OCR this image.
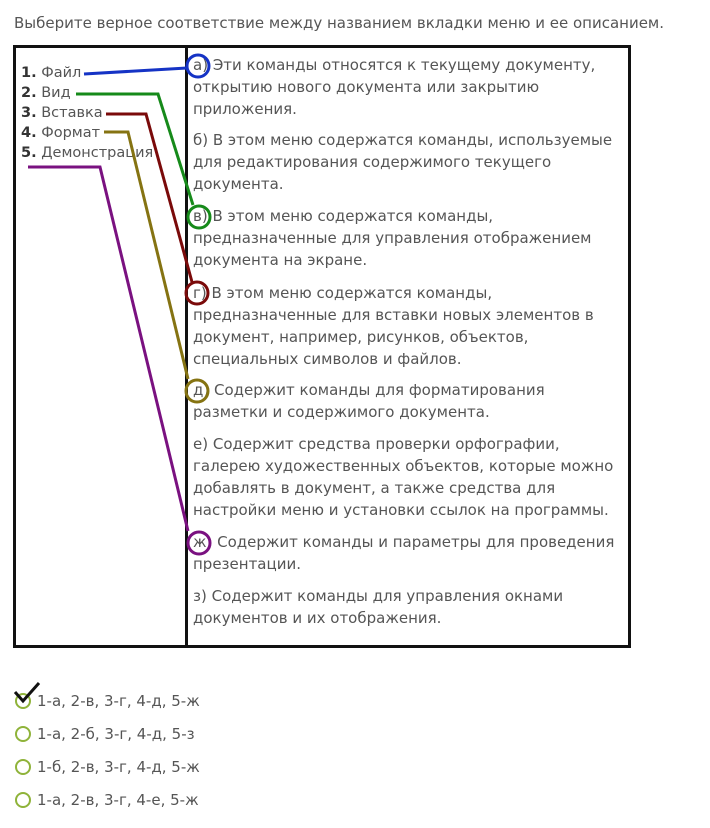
Выберите верное соответствие между названием вкладки меню и ее описанием.
1. Файл
2. Вид
3. Вставка
4. Формат
5. Демонстрация
а) Эти команды относятся к текущему документу, открытию нового документа или закрытию приложения.
б) В этом меню содержатся команды, используемые для редактирования содержимого текущего документа.
в) В этом меню содержатся команды, предназначенные для управления отображением документа на экране.
г) В этом меню содержатся команды, предназначенные для вставки новых элементов в документ, например, рисунков, объектов, специальных символов и файлов.
д) Содержит команды для форматирования разметки и содержимого документа.
е) Содержит средства проверки орфографии, галерею художественных объектов, которые можно добавлять в документ, а также средства для настройки меню и установки ссылок на программы.
ж) Содержит команды и параметры для проведения презентации.
з) Содержит команды для управления окнами документов и их отображения.
1-а, 2-в, 3-г, 4-д, 5-ж
1-а, 2-б, 3-г, 4-д, 5-з
1-б, 2-в, 3-г, 4-д, 5-ж
1-а, 2-в, 3-г, 4-е, 5-ж
